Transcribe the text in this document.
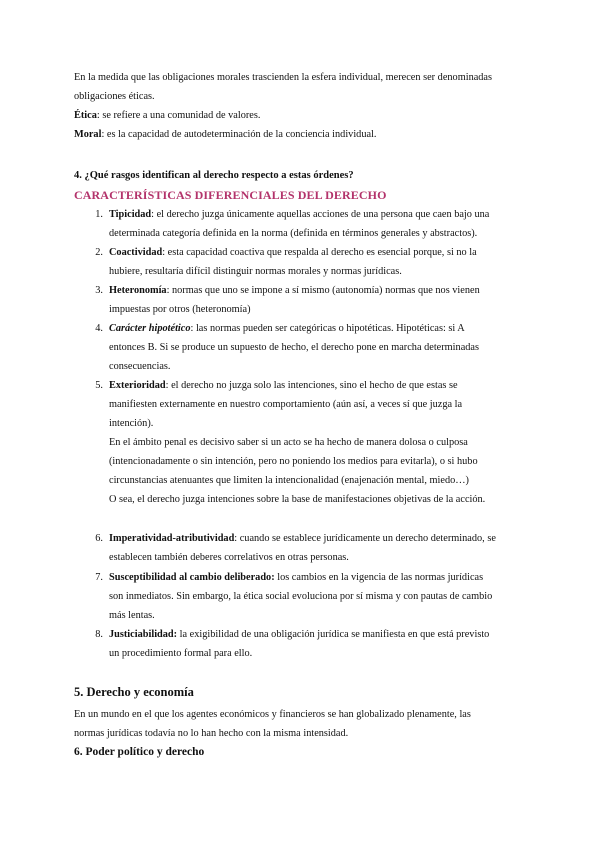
En la medida que las obligaciones morales trascienden la esfera individual, merecen ser denominadas
obligaciones éticas.
Ética: se refiere a una comunidad de valores.
Moral: es la capacidad de autodeterminación de la conciencia individual.
4. ¿Qué rasgos identifican al derecho respecto a estas órdenes?
CARACTERÍSTICAS DIFERENCIALES DEL DERECHO
1. Tipicidad: el derecho juzga únicamente aquellas acciones de una persona que caen bajo una
determinada categoría definida en la norma (definida en términos generales y abstractos).
2. Coactividad: esta capacidad coactiva que respalda al derecho es esencial porque, si no la
hubiere, resultaría difícil distinguir normas morales y normas jurídicas.
3. Heteronomía: normas que uno se impone a sí mismo (autonomía) normas que nos vienen
impuestas por otros (heteronomía)
4. Carácter hipotético: las normas pueden ser categóricas o hipotéticas. Hipotéticas: si A
entonces B. Si se produce un supuesto de hecho, el derecho pone en marcha determinadas
consecuencias.
5. Exterioridad: el derecho no juzga solo las intenciones, sino el hecho de que estas se
manifiesten externamente en nuestro comportamiento (aún así, a veces sí que juzga la
intención).
En el ámbito penal es decisivo saber si un acto se ha hecho de manera dolosa o culposa
(intencionadamente o sin intención, pero no poniendo los medios para evitarla), o si hubo
circunstancias atenuantes que limiten la intencionalidad (enajenación mental, miedo…)
O sea, el derecho juzga intenciones sobre la base de manifestaciones objetivas de la acción.
6. Imperatividad-atributividad: cuando se establece jurídicamente un derecho determinado, se
establecen también deberes correlativos en otras personas.
7. Susceptibilidad al cambio deliberado: los cambios en la vigencia de las normas jurídicas
son inmediatos. Sin embargo, la ética social evoluciona por sí misma y con pautas de cambio
más lentas.
8. Justiciabilidad: la exigibilidad de una obligación jurídica se manifiesta en que está previsto
un procedimiento formal para ello.
5. Derecho y economía
En un mundo en el que los agentes económicos y financieros se han globalizado plenamente, las
normas jurídicas todavía no lo han hecho con la misma intensidad.
6. Poder político y derecho
